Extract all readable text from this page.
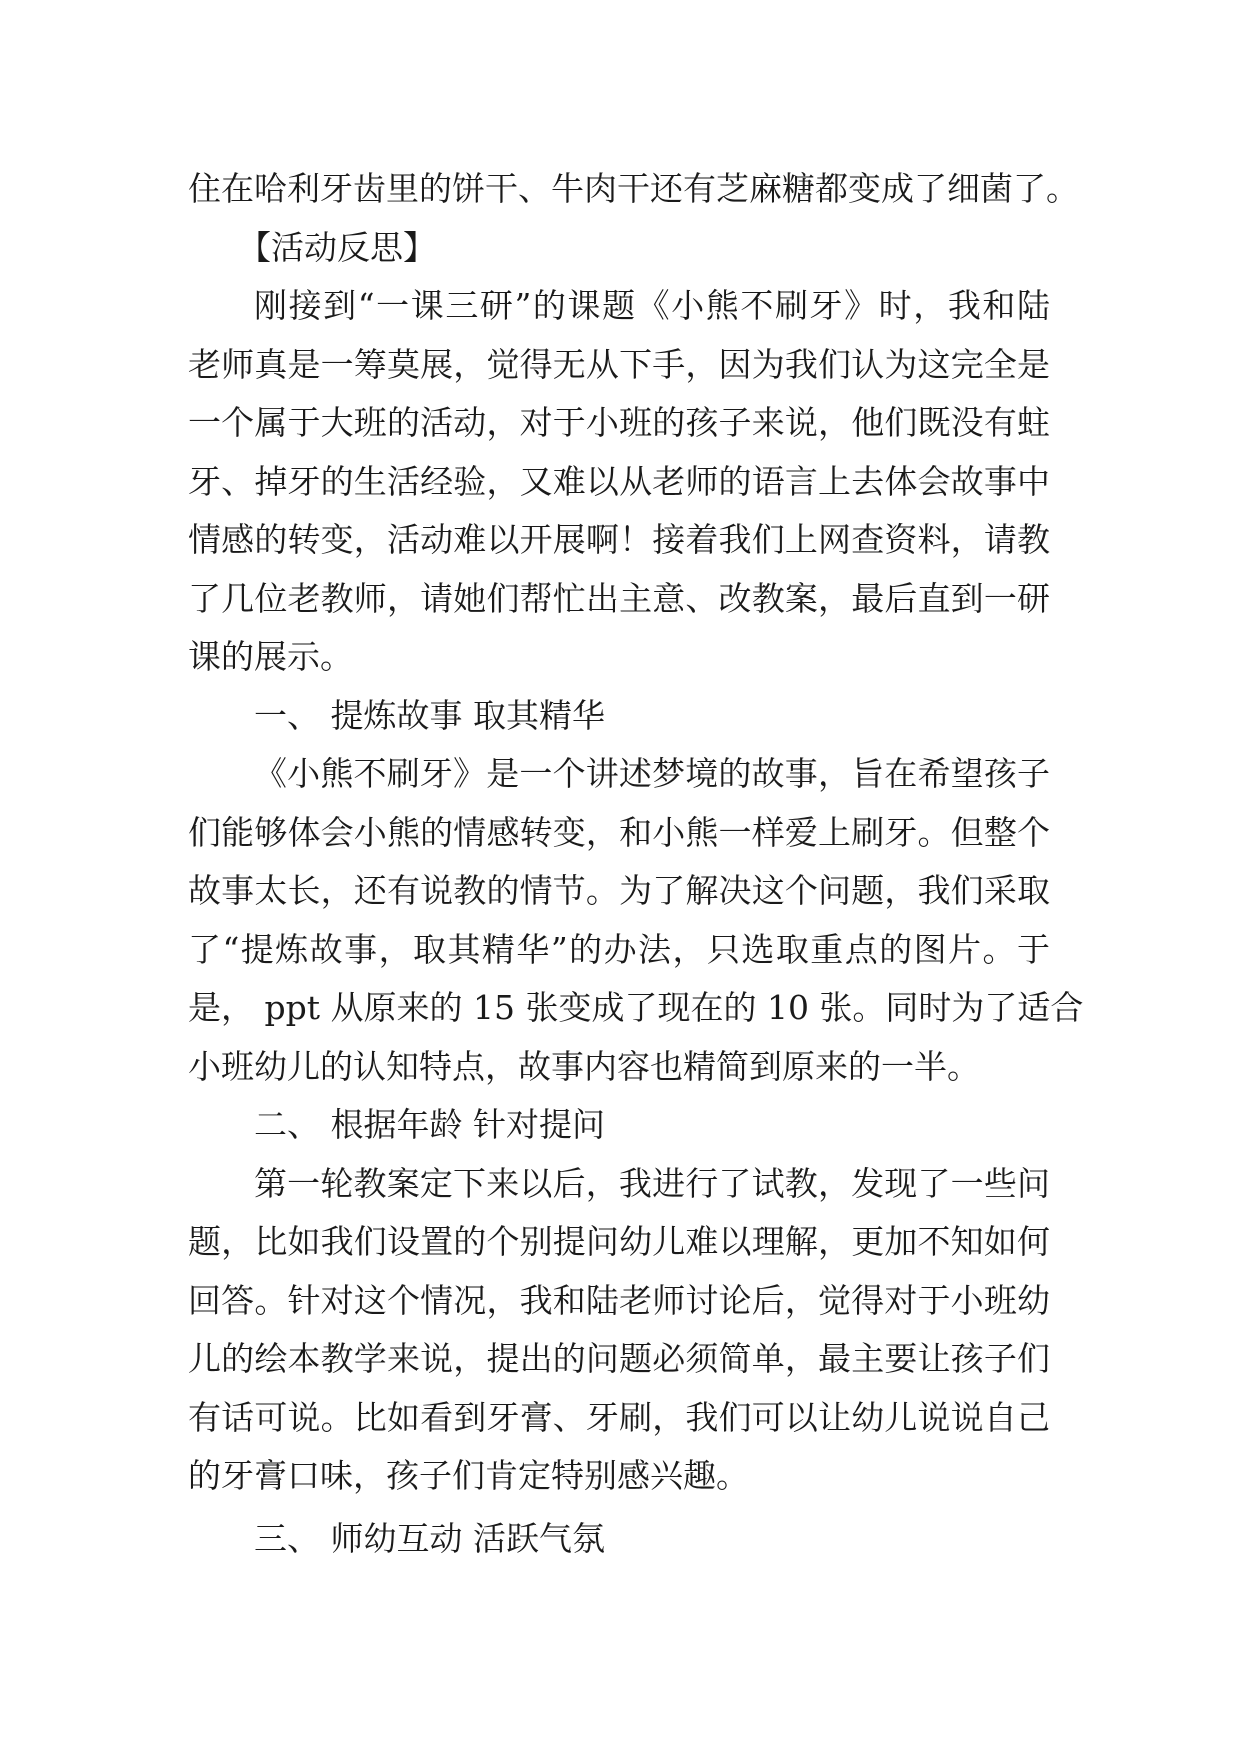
住在哈利牙齿里的饼干、牛肉干还有芝麻糖都变成了细菌了。
【活动反思】
刚接到“一课三研”的课题《小熊不刷牙》时，我和陆
老师真是一筹莫展，觉得无从下手，因为我们认为这完全是
一个属于大班的活动，对于小班的孩子来说，他们既没有蛀
牙、掉牙的生活经验，又难以从老师的语言上去体会故事中
情感的转变，活动难以开展啊！接着我们上网查资料，请教
了几位老教师，请她们帮忙出主意、改教案，最后直到一研
课的展示。
一、 提炼故事 取其精华
《小熊不刷牙》是一个讲述梦境的故事，旨在希望孩子
们能够体会小熊的情感转变，和小熊一样爱上刷牙。但整个
故事太长，还有说教的情节。为了解决这个问题，我们采取
了“提炼故事，取其精华”的办法，只选取重点的图片。于
是， ppt 从原来的 15 张变成了现在的 10 张。同时为了适合
小班幼儿的认知特点，故事内容也精简到原来的一半。
二、 根据年龄 针对提问
第一轮教案定下来以后，我进行了试教，发现了一些问
题，比如我们设置的个别提问幼儿难以理解，更加不知如何
回答。针对这个情况，我和陆老师讨论后，觉得对于小班幼
儿的绘本教学来说，提出的问题必须简单，最主要让孩子们
有话可说。比如看到牙膏、牙刷，我们可以让幼儿说说自己
的牙膏口味，孩子们肯定特别感兴趣。
三、 师幼互动 活跃气氛
